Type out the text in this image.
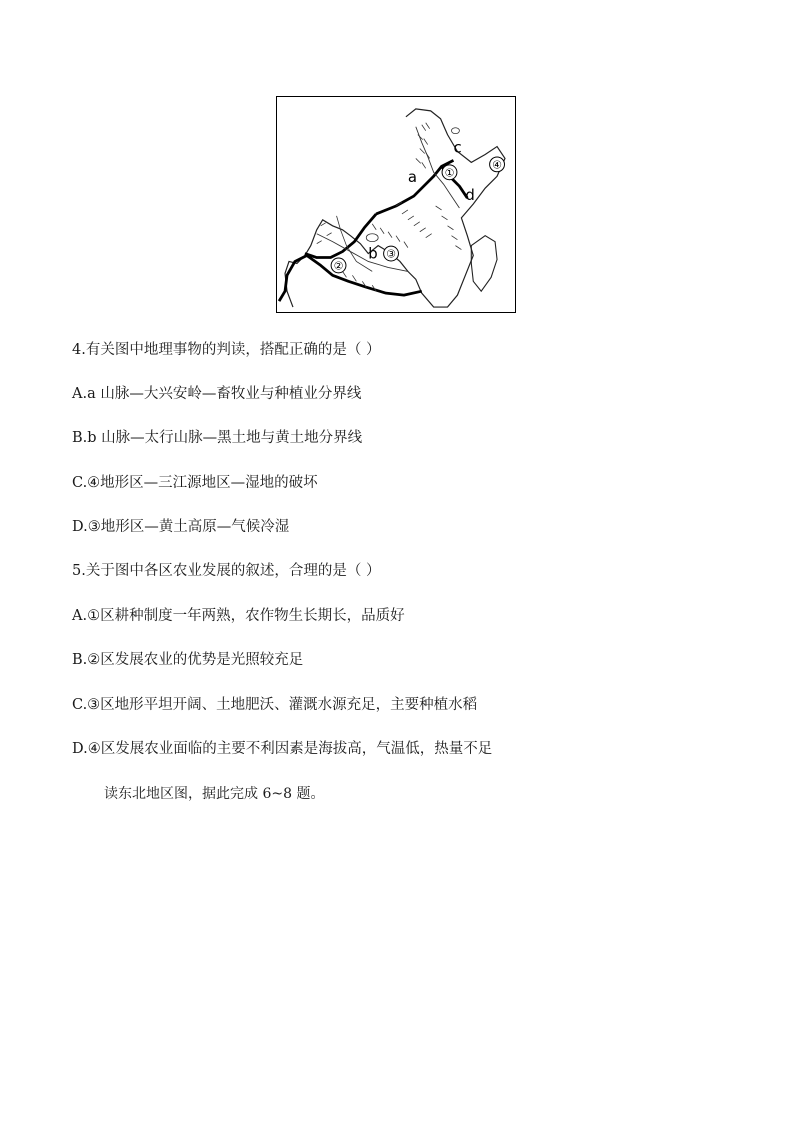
a
b
c
d
①
②
③
④
4.有关图中地理事物的判读，搭配正确的是（ ）
A.a 山脉—大兴安岭—畜牧业与种植业分界线
B.b 山脉—太行山脉—黑土地与黄土地分界线
C.④地形区—三江源地区—湿地的破坏
D.③地形区—黄土高原—气候冷湿
5.关于图中各区农业发展的叙述，合理的是（ ）
A.①区耕种制度一年两熟，农作物生长期长，品质好
B.②区发展农业的优势是光照较充足
C.③区地形平坦开阔、土地肥沃、灌溉水源充足，主要种植水稻
D.④区发展农业面临的主要不利因素是海拔高，气温低，热量不足
读东北地区图，据此完成 6~8 题。
